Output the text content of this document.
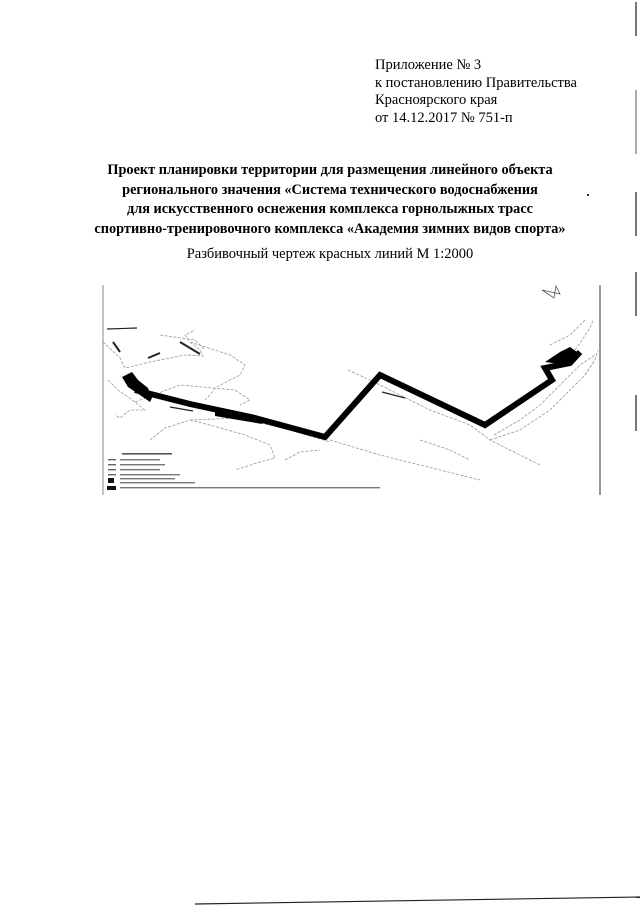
Приложение № 3
к постановлению Правительства
Красноярского края
от 14.12.2017 № 751-п
Проект планировки территории для размещения линейного объекта
регионального значения «Система технического водоснабжения
для искусственного оснежения комплекса горнолыжных трасс
спортивно-тренировочного комплекса «Академия зимних видов спорта»
Разбивочный чертеж красных линий М 1:2000
